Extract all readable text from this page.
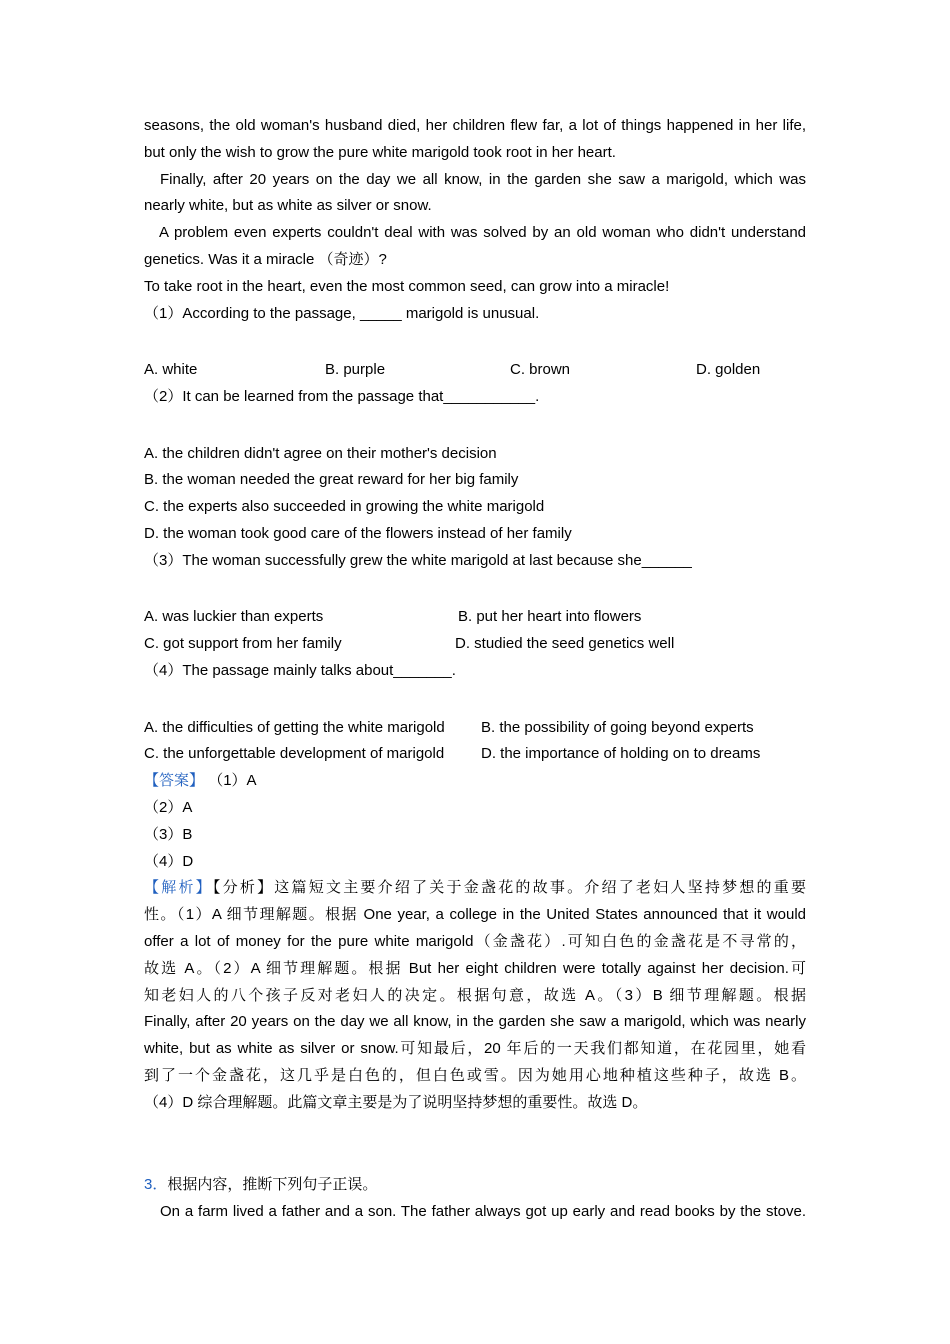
seasons, the old woman's husband died, her children flew far, a lot of things happened in her life,
but only the wish to grow the pure white marigold took root in her heart.
Finally, after 20 years on the day we all know, in the garden she saw a marigold, which was
nearly white, but as white as silver or snow.
A problem even experts couldn't deal with was solved by an old woman who didn't understand
genetics. Was it a miracle （奇迹）?
To take root in the heart, even the most common seed, can grow into a miracle!
（1）According to the passage, _____ marigold is unusual.
A. white	B. purple	C. brown	D. golden
（2）It can be learned from the passage that___________.
A. the children didn't agree on their mother's decision
B. the woman needed the great reward for her big family
C. the experts also succeeded in growing the white marigold
D. the woman took good care of the flowers instead of her family
（3）The woman successfully grew the white marigold at last because she______
A. was luckier than experts	B. put her heart into flowers
C. got support from her family	D. studied the seed genetics well
（4）The passage mainly talks about_______.
A. the difficulties of getting the white marigold B. the possibility of going beyond experts
C. the unforgettable development of marigold D. the importance of holding on to dreams
【答案】 （1）A
（2）A
（3）B
（4）D
【解析】【分析】这篇短文主要介绍了关于金盏花的故事。介绍了老妇人坚持梦想的重要
性。（1）A 细节理解题。根据 One year, a college in the United States announced that it would
offer a lot of money for the pure white marigold（金盏花）.可知白色的金盏花是不寻常的，
故选 A。（2）A 细节理解题。根据 But her eight children were totally against her decision.可
知老妇人的八个孩子反对老妇人的决定。根据句意，故选 A。（3）B 细节理解题。根据
Finally, after 20 years on the day we all know, in the garden she saw a marigold, which was nearly
white, but as white as silver or snow.可知最后，20 年后的一天我们都知道，在花园里，她看
到了一个金盏花，这几乎是白色的，但白色或雪。因为她用心地种植这些种子，故选 B。
（4）D 综合理解题。此篇文章主要是为了说明坚持梦想的重要性。故选 D。
3．根据内容，推断下列句子正误。
On a farm lived a father and a son. The father always got up early and read books by the stove.
